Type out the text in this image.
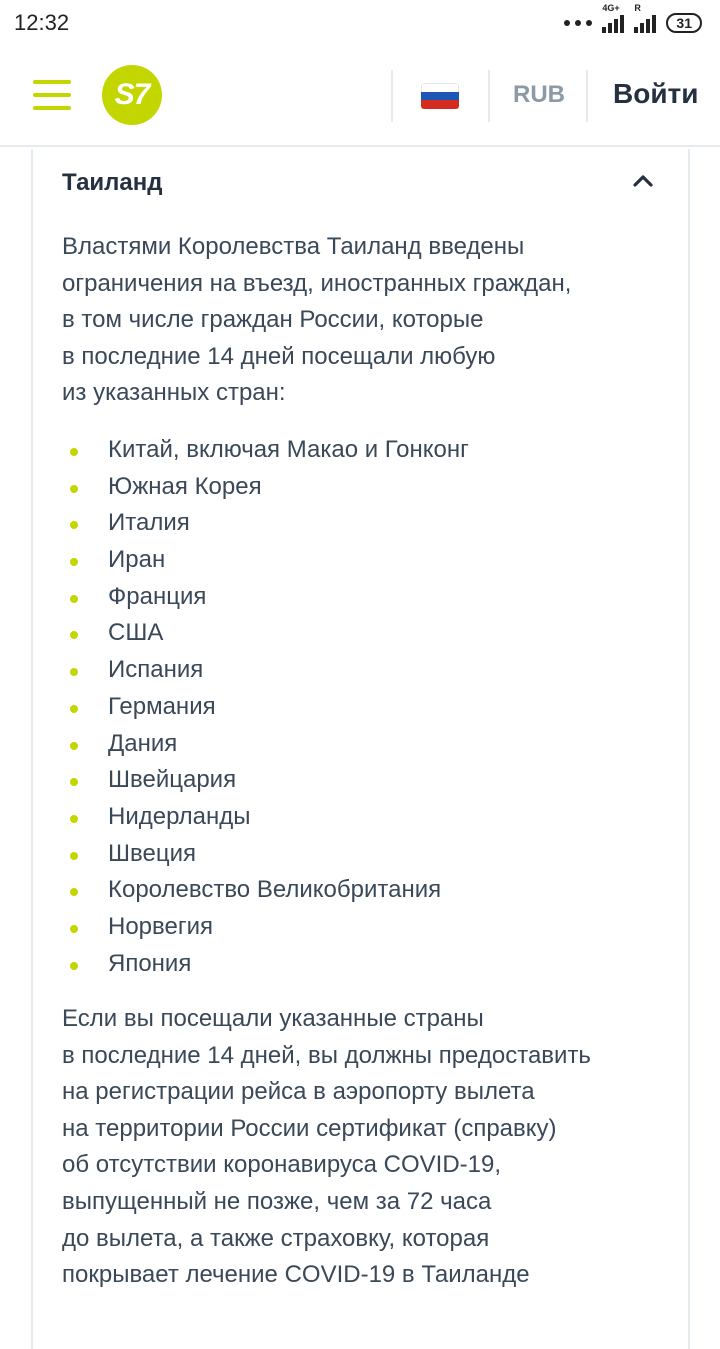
12:32
4G+ R
31
S7	RUB Войти
Таиланд
Властями Королевства Таиланд введены
ограничения на въезд, иностранных граждан,
в том числе граждан России, которые
в последние 14 дней посещали любую
из указанных стран:
Китай, включая Макао и Гонконг
Южная Корея
Италия
Иран
Франция
США
Испания
Германия
Дания
Швейцария
Нидерланды
Швеция
Королевство Великобритания
Норвегия
Япония
Если вы посещали указанные страны
в последние 14 дней, вы должны предоставить
на регистрации рейса в аэропорту вылета
на территории России сертификат (справку)
об отсутствии коронавируса COVID-19,
выпущенный не позже, чем за 72 часа
до вылета, а также страховку, которая
покрывает лечение COVID-19 в Таиланде
